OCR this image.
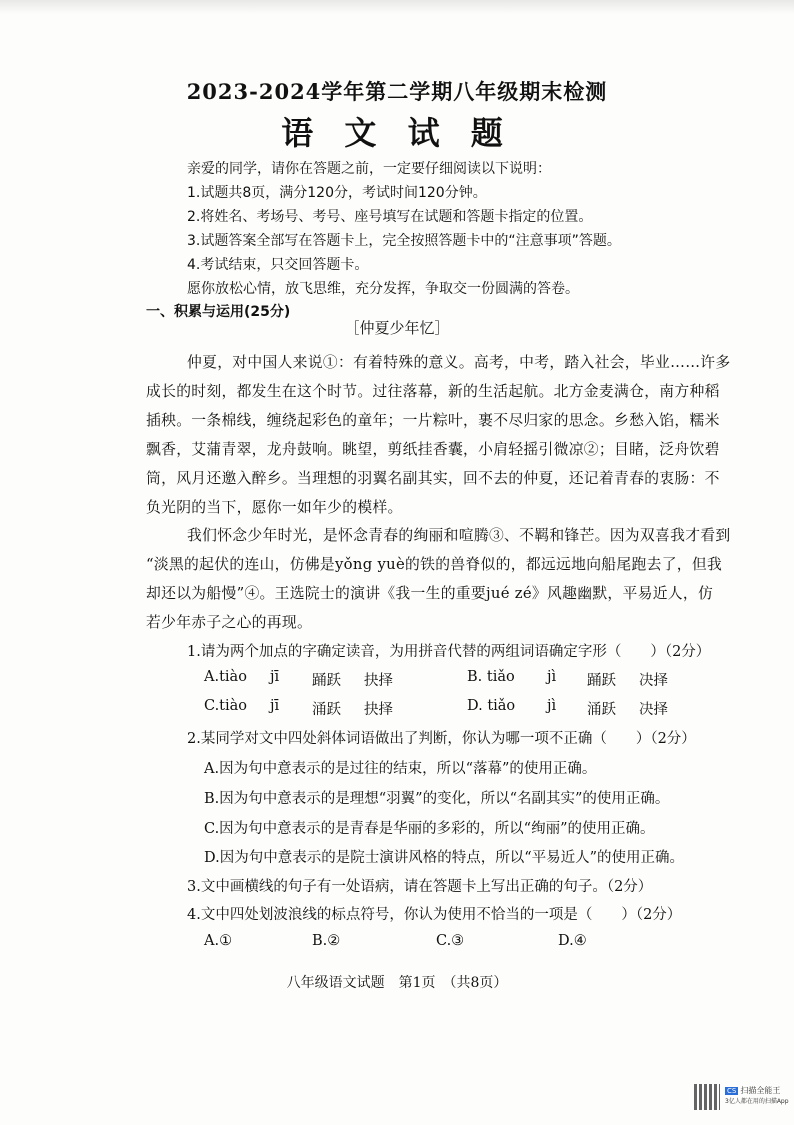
2023-2024学年第二学期八年级期末检测
语 文 试 题
亲爱的同学，请你在答题之前，一定要仔细阅读以下说明：
1.试题共8页，满分120分，考试时间120分钟。
2.将姓名、考场号、考号、座号填写在试题和答题卡指定的位置。
3.试题答案全部写在答题卡上，完全按照答题卡中的“注意事项”答题。
4.考试结束，只交回答题卡。
愿你放松心情，放飞思维，充分发挥，争取交一份圆满的答卷。
一、积累与运用(25分)
［仲夏少年忆］
仲夏，对中国人来说①：有着特殊的意义。高考，中考，踏入社会，毕业……许多
成长的时刻，都发生在这个时节。过往落幕，新的生活起航。北方金麦满仓，南方种稻
插秧。一条棉线，缠绕起彩色的童年；一片粽叶，裹不尽归家的思念。乡愁入馅，糯米
飘香，艾蒲青翠，龙舟鼓响。眺望，剪纸挂香囊，小肩轻摇引微凉②；目睹，泛舟饮碧
筒，风月还邀入醉乡。当理想的羽翼名副其实，回不去的仲夏，还记着青春的衷肠：不
负光阴的当下，愿你一如年少的模样。
我们怀念少年时光，是怀念青春的绚丽和喧腾③、不羁和锋芒。因为双喜我才看到
“淡黑的起伏的连山，仿佛是yǒng yuè的铁的兽脊似的，都远远地向船尾跑去了，但我
却还以为船慢”④。王选院士的演讲《我一生的重要jué zé》风趣幽默，平易近人，仿
若少年赤子之心的再现。
1.请为两个加点的字确定读音，为用拼音代替的两组词语确定字形（　　）（2分）
A.tiào jī 踊跃 抉择	B. tiǎo jì 踊跃 决择
C.tiào jī 涌跃 抉择	D. tiǎo jì 涌跃 决择
2.某同学对文中四处斜体词语做出了判断，你认为哪一项不正确（　　）（2分）
A.因为句中意表示的是过往的结束，所以“落幕”的使用正确。
B.因为句中意表示的是理想“羽翼”的变化，所以“名副其实”的使用正确。
C.因为句中意表示的是青春是华丽的多彩的，所以“绚丽”的使用正确。
D.因为句中意表示的是院士演讲风格的特点，所以“平易近人”的使用正确。
3.文中画横线的句子有一处语病，请在答题卡上写出正确的句子。（2分）
4.文中四处划波浪线的标点符号，你认为使用不恰当的一项是（　　）（2分）
A.①	B.②	C.③	D.④
八年级语文试题　第1页　（共8页）
CS 扫描全能王
3亿人都在用的扫描App
